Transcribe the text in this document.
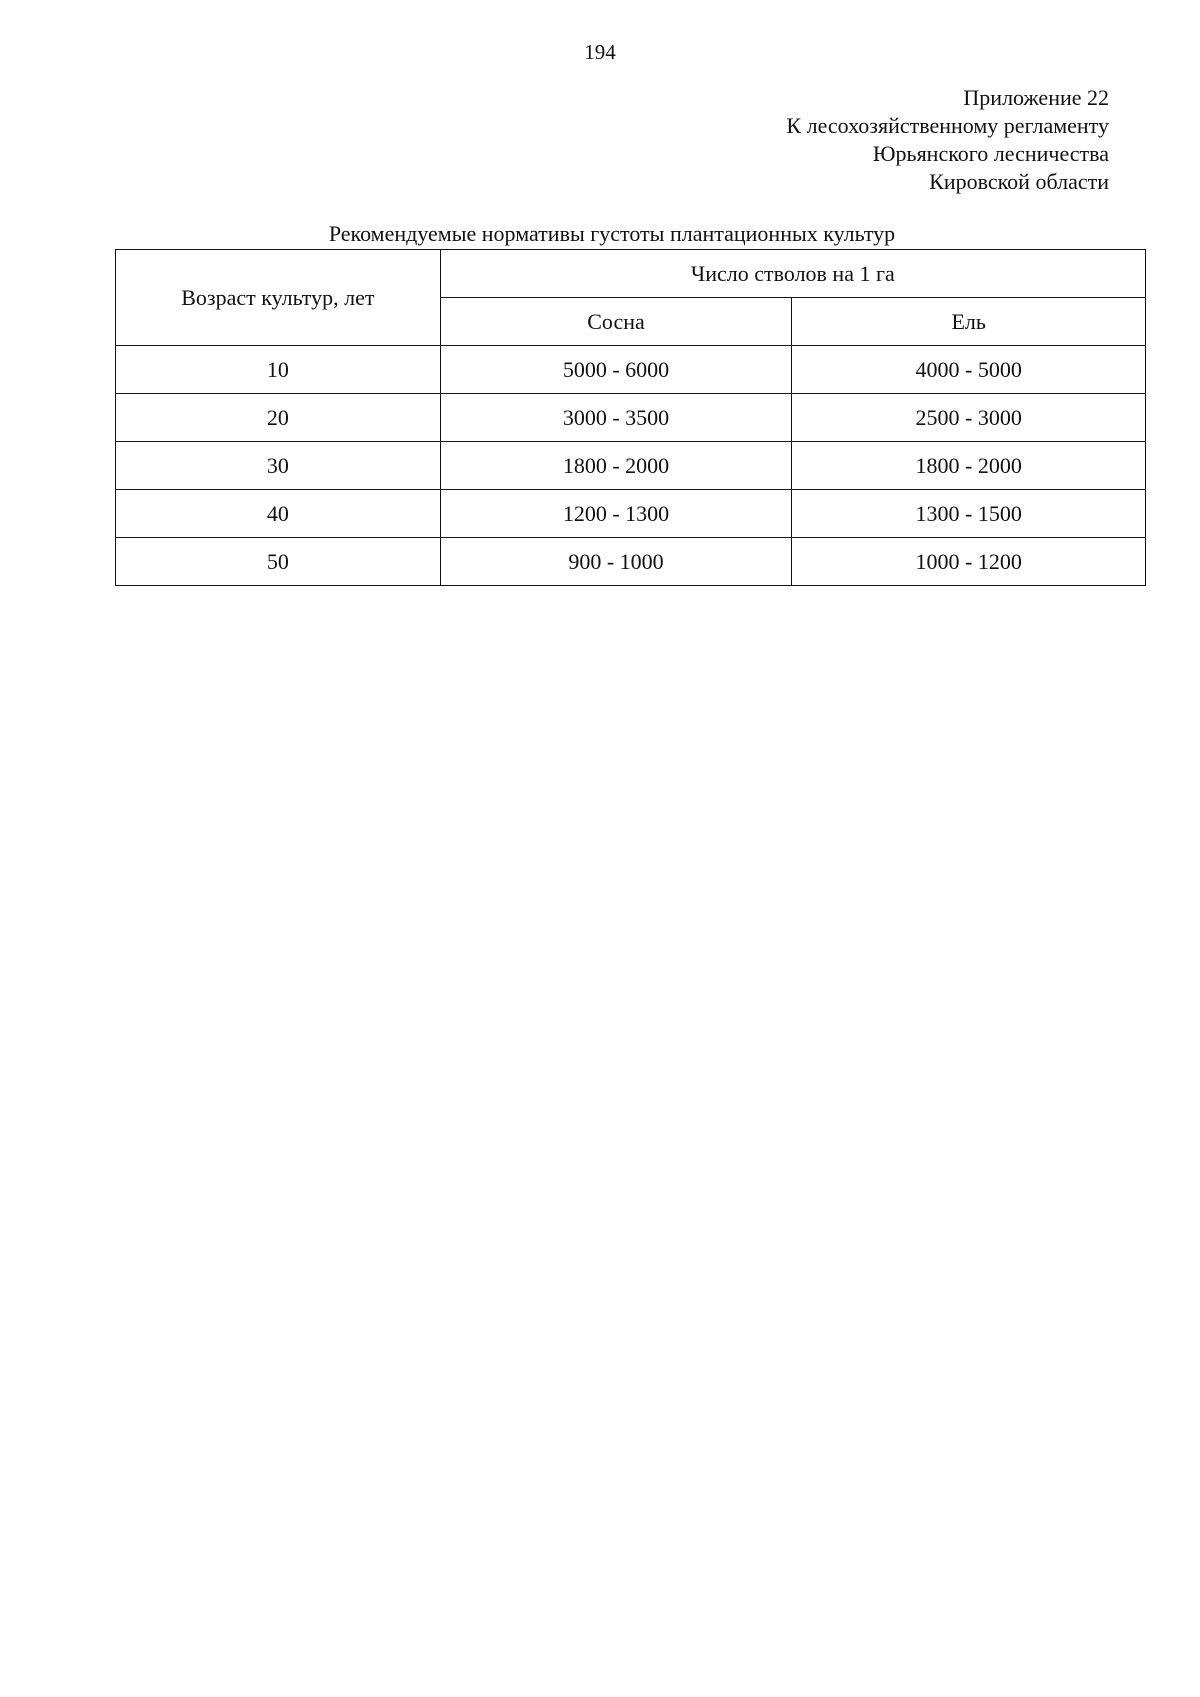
194
Приложение 22
К лесохозяйственному регламенту
Юрьянского лесничества
Кировской области
Рекомендуемые нормативы густоты плантационных культур
Возраст культур, лет	Число стволов на 1 га	
	Сосна	Ель
10	5000 - 6000	4000 - 5000
20	3000 - 3500	2500 - 3000
30	1800 - 2000	1800 - 2000
40	1200 - 1300	1300 - 1500
50	900 - 1000	1000 - 1200
